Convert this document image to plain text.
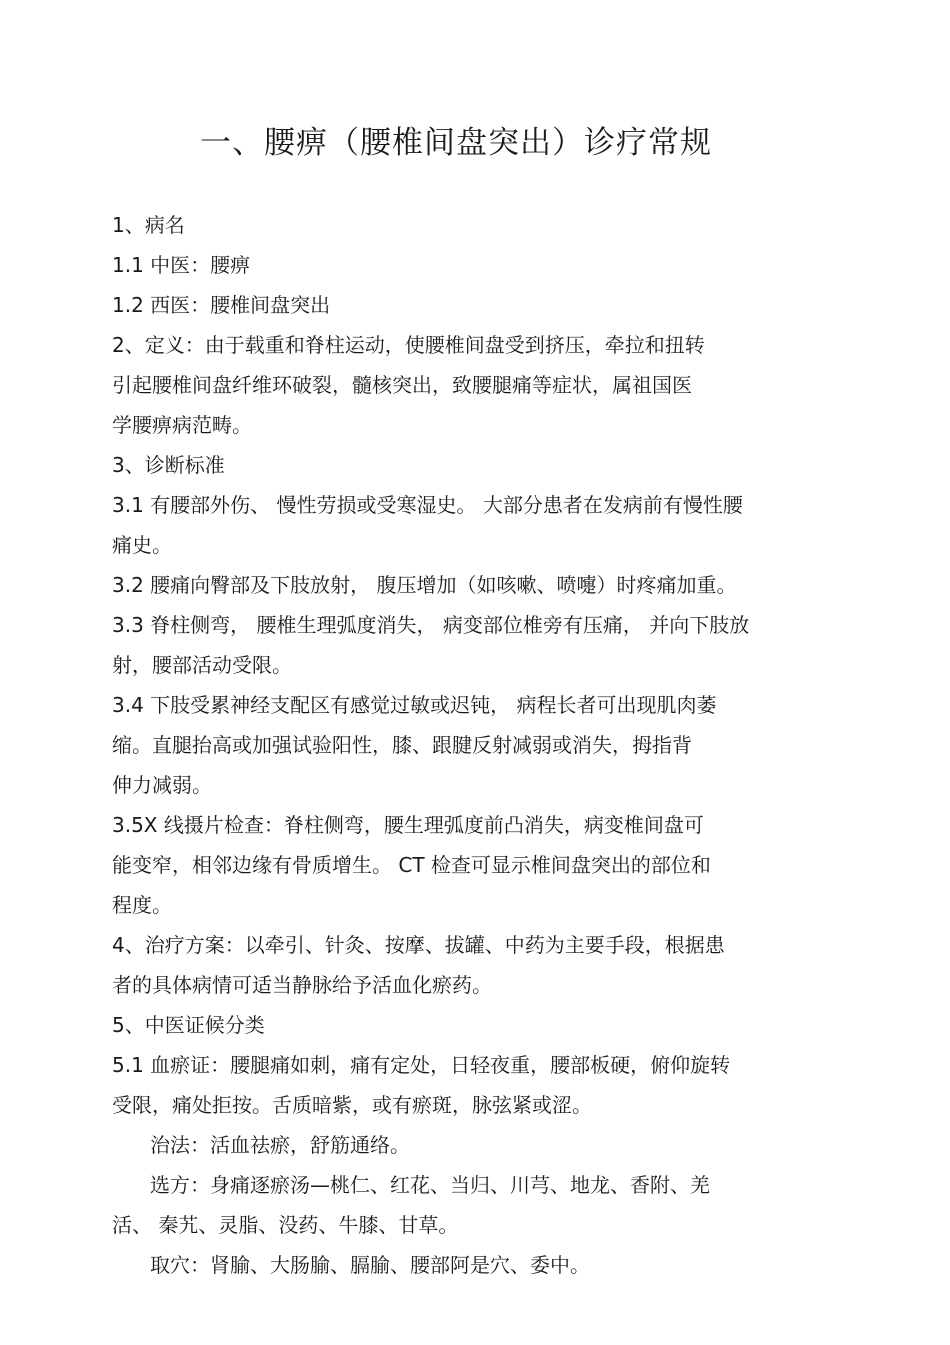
一、腰痹（腰椎间盘突出）诊疗常规
1、病名
1.1 中医：腰痹
1.2 西医：腰椎间盘突出
2、定义：由于载重和脊柱运动，使腰椎间盘受到挤压，牵拉和扭转
引起腰椎间盘纤维环破裂，髓核突出，致腰腿痛等症状，属祖国医
学腰痹病范畴。
3、诊断标准
3.1 有腰部外伤、 慢性劳损或受寒湿史。 大部分患者在发病前有慢性腰
痛史。
3.2 腰痛向臀部及下肢放射， 腹压增加（如咳嗽、喷嚏）时疼痛加重。
3.3 脊柱侧弯， 腰椎生理弧度消失， 病变部位椎旁有压痛， 并向下肢放
射，腰部活动受限。
3.4 下肢受累神经支配区有感觉过敏或迟钝， 病程长者可出现肌肉萎
缩。直腿抬高或加强试验阳性，膝、跟腱反射减弱或消失，拇指背
伸力减弱。
3.5X 线摄片检查：脊柱侧弯，腰生理弧度前凸消失，病变椎间盘可
能变窄，相邻边缘有骨质增生。 CT 检查可显示椎间盘突出的部位和
程度。
4、治疗方案：以牵引、针灸、按摩、拔罐、中药为主要手段，根据患
者的具体病情可适当静脉给予活血化瘀药。
5、中医证候分类
5.1 血瘀证：腰腿痛如刺，痛有定处，日轻夜重，腰部板硬，俯仰旋转
受限，痛处拒按。舌质暗紫，或有瘀斑，脉弦紧或涩。
治法：活血祛瘀，舒筋通络。
选方：身痛逐瘀汤—桃仁、红花、当归、川芎、地龙、香附、羌
活、 秦艽、灵脂、没药、牛膝、甘草。
取穴：肾腧、大肠腧、膈腧、腰部阿是穴、委中。
